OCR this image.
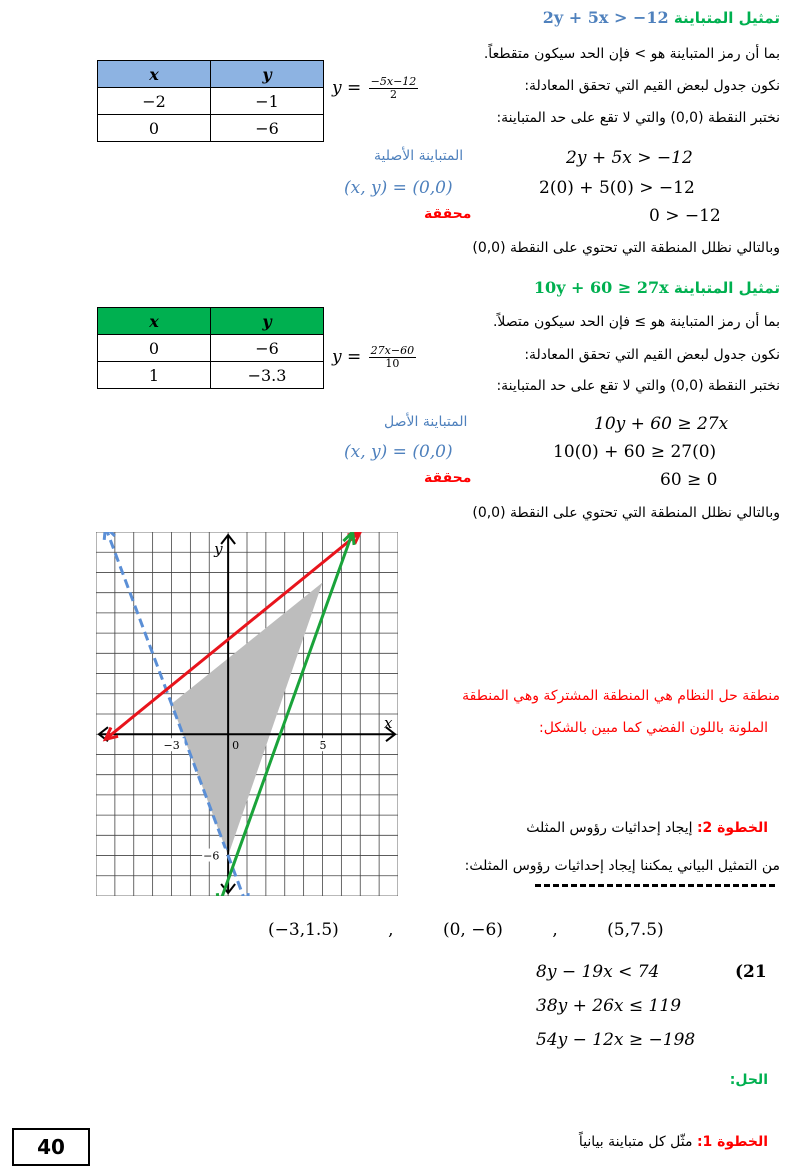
تمثيل المتباينة 2y + 5x > −12
بما أن رمز المتباينة هو > فإن الحد سيكون متقطعاً.
نكون جدول لبعض القيم التي تحقق المعادلة:
$y = \frac{-5x-12}{2}$
نختبر النقطة (0,0) والتي لا تقع على حد المتباينة:
2y + 5x > −12
المتباينة الأصلية
2(0) + 5(0) > −12
(x, y) = (0,0)
0 > −12
محققة
وبالتالي نظلل المنطقة التي تحتوي على النقطة (0,0)
x	y
−2	−1
0	−6
تمثيل المتباينة 10y + 60 ≥ 27x
بما أن رمز المتباينة هو ≥ فإن الحد سيكون متصلاً.
نكون جدول لبعض القيم التي تحقق المعادلة:
$y = \frac{27x-60}{10}$
نختبر النقطة (0,0) والتي لا تقع على حد المتباينة:
10y + 60 ≥ 27x
المتباينة الأصل
10(0) + 60 ≥ 27(0)
(x, y) = (0,0)
60 ≥ 0
محققة
وبالتالي نظلل المنطقة التي تحتوي على النقطة (0,0)
x	y
0	−6
1	−3.3
y
x
−3	0	5
−6
منطقة حل النظام هي المنطقة المشتركة وهي المنطقة
الملونة باللون الفضي كما مبين بالشكل:
الخطوة 2: إيجاد إحداثيات رؤوس المثلث
من التمثيل البياني يمكننا إيجاد إحداثيات رؤوس المثلث:
(−3,1.5)	,	(0, −6)	,	(5,7.5)
8y − 19x < 74	(21
38y + 26x ≤ 119
54y − 12x ≥ −198
الحل:
الخطوة 1: مثّل كل متباينة بيانياً
40
